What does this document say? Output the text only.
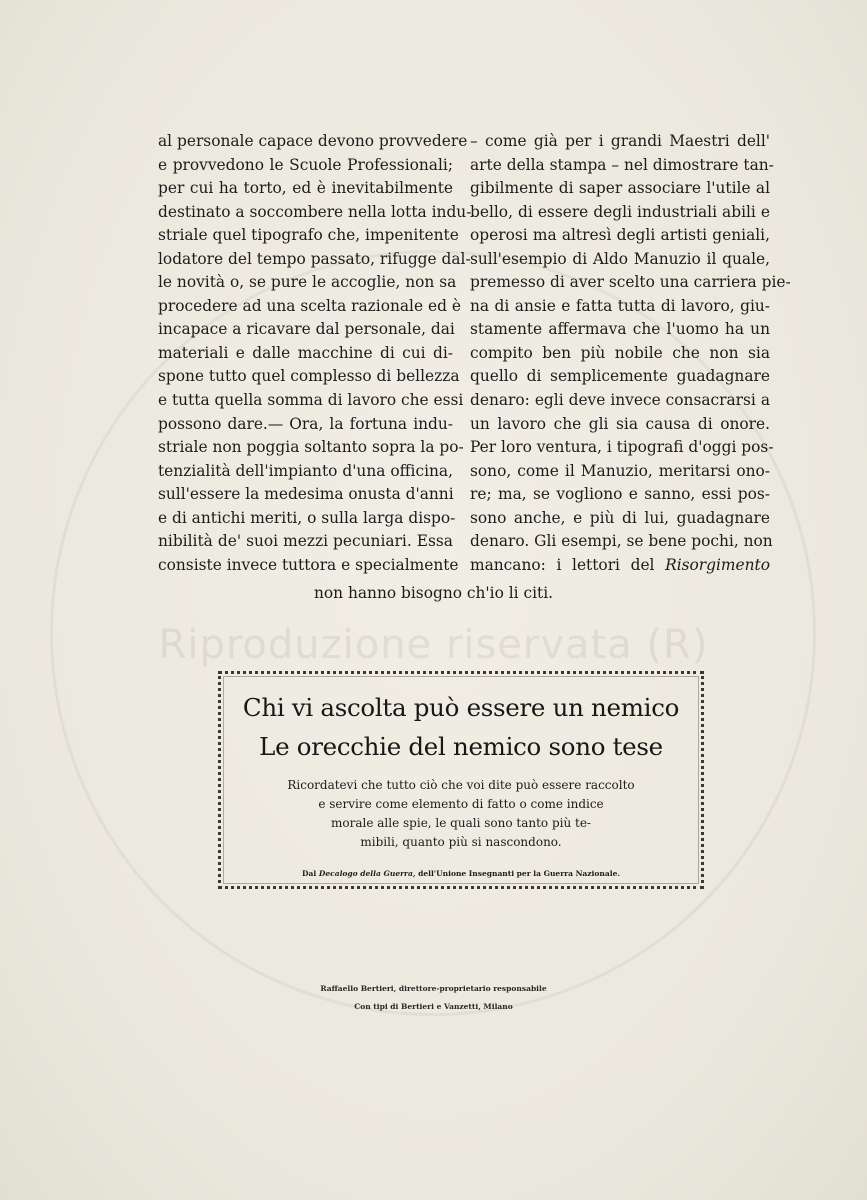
Riproduzione riservata (R)
al personale capace devono provvedere
e provvedono le Scuole Professionali;
per cui ha torto, ed è inevitabilmente
destinato a soccombere nella lotta indu-
striale quel tipografo che, impenitente
lodatore del tempo passato, rifugge dal-
le novità o, se pure le accoglie, non sa
procedere ad una scelta razionale ed è
incapace a ricavare dal personale, dai
materiali e dalle macchine di cui di-
spone tutto quel complesso di bellezza
e tutta quella somma di lavoro che essi
possono dare.— Ora, la fortuna indu-
striale non poggia soltanto sopra la po-
tenzialità dell'impianto d'una officina,
sull'essere la medesima onusta d'anni
e di antichi meriti, o sulla larga dispo-
nibilità de' suoi mezzi pecuniari. Essa
consiste invece tuttora e specialmente
– come già per i grandi Maestri dell'
arte della stampa – nel dimostrare tan-
gibilmente di saper associare l'utile al
bello, di essere degli industriali abili e
operosi ma altresì degli artisti geniali,
sull'esempio di Aldo Manuzio il quale,
premesso di aver scelto una carriera pie-
na di ansie e fatta tutta di lavoro, giu-
stamente affermava che l'uomo ha un
compito ben più nobile che non sia
quello di semplicemente guadagnare
denaro: egli deve invece consacrarsi a
un lavoro che gli sia causa di onore.
Per loro ventura, i tipografi d'oggi pos-
sono, come il Manuzio, meritarsi ono-
re; ma, se vogliono e sanno, essi pos-
sono anche, e più di lui, guadagnare
denaro. Gli esempi, se bene pochi, non
mancano: i lettori del Risorgimento
non hanno bisogno ch'io li citi.
Chi vi ascolta può essere un nemico
Le orecchie del nemico sono tese
Ricordatevi che tutto ciò che voi dite può essere raccolto
e servire come elemento di fatto o come indice
morale alle spie, le quali sono tanto più te-
mibili, quanto più si nascondono.
Dal Decalogo della Guerra, dell'Unione Insegnanti per la Guerra Nazionale.
Raffaello Bertieri, direttore-proprietario responsabile
Con tipi di Bertieri e Vanzetti, Milano
